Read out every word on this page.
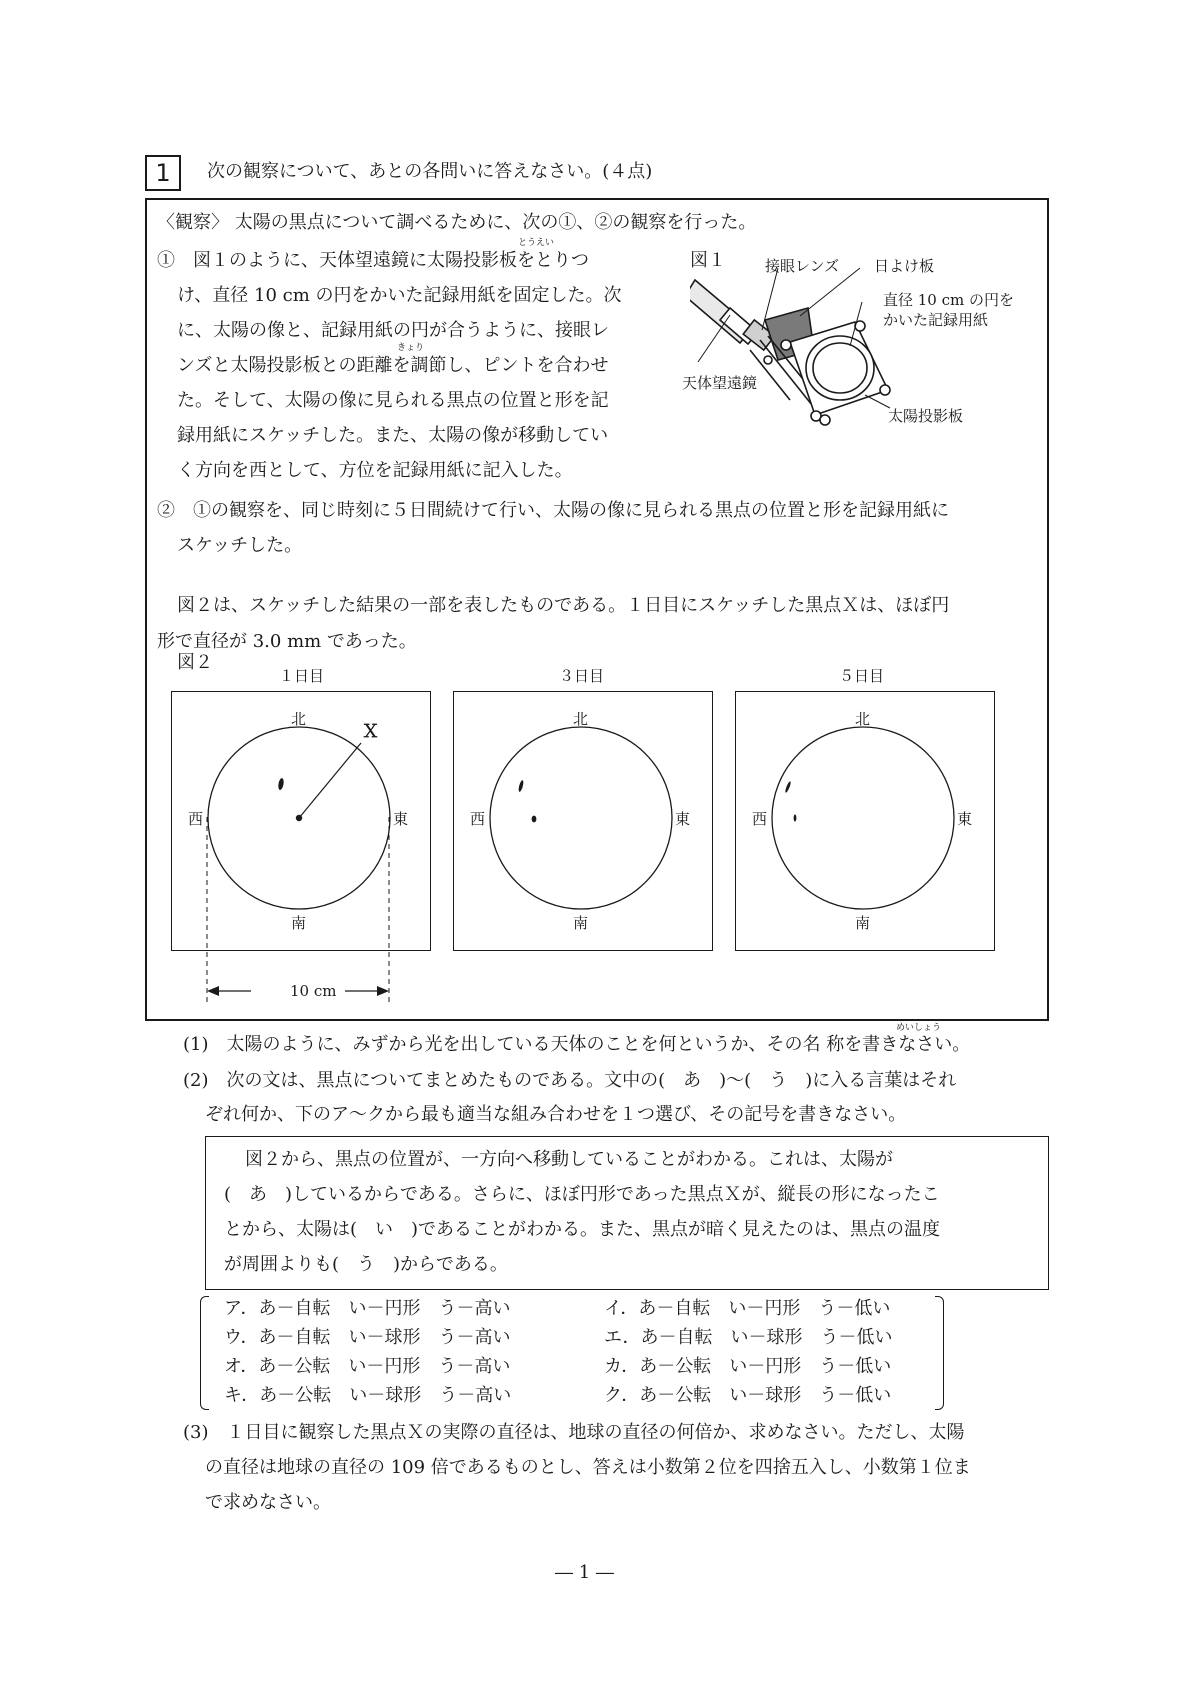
1	次の観察について、あとの各問いに答えなさい。(４点)
〈観察〉 太陽の黒点について調べるために、次の①、②の観察を行った。
①　図１のように、天体望遠鏡に太陽投影板をとりつ
け、直径 10 cm の円をかいた記録用紙を固定した。次
に、太陽の像と、記録用紙の円が合うように、接眼レ
ンズと太陽投影板との距離を調節し、ピントを合わせ
た。そして、太陽の像に見られる黒点の位置と形を記
録用紙にスケッチした。また、太陽の像が移動してい
く方向を西として、方位を記録用紙に記入した。
とうえい
きょり
②　①の観察を、同じ時刻に５日間続けて行い、太陽の像に見られる黒点の位置と形を記録用紙に
スケッチした。
図２は、スケッチした結果の一部を表したものである。１日目にスケッチした黒点Ｘは、ほぼ円
形で直径が 3.0 mm であった。
図１	接眼レンズ 日よけ板
直径 10 cm の円を
かいた記録用紙
天体望遠鏡
太陽投影板
図２
１日目	３日目	５日目
北
南
西	東
Ｘ
北
南
西	東
北
南
西	東
10 cm
(1)　太陽のように、みずから光を出している天体のことを何というか、その名 称を書きなさい。
めいしょう
(2)　次の文は、黒点についてまとめたものである。文中の(　あ　)～(　う　)に入る言葉はそれ
ぞれ何か、下のア～クから最も適当な組み合わせを１つ選び、その記号を書きなさい。
図２から、黒点の位置が、一方向へ移動していることがわかる。これは、太陽が
(　あ　)しているからである。さらに、ほぼ円形であった黒点Ｘが、縦長の形になったこ
とから、太陽は(　い　)であることがわかる。また、黒点が暗く見えたのは、黒点の温度
が周囲よりも(　う　)からである。
ア．あ－自転　い－円形　う－高い	イ．あ－自転　い－円形　う－低い
ウ．あ－自転　い－球形　う－高い	エ．あ－自転　い－球形　う－低い
オ．あ－公転　い－円形　う－高い	カ．あ－公転　い－円形　う－低い
キ．あ－公転　い－球形　う－高い	ク．あ－公転　い－球形　う－低い
(3)　１日目に観察した黒点Ｘの実際の直径は、地球の直径の何倍か、求めなさい。ただし、太陽
の直径は地球の直径の 109 倍であるものとし、答えは小数第２位を四捨五入し、小数第１位ま
で求めなさい。
― 1 ―
